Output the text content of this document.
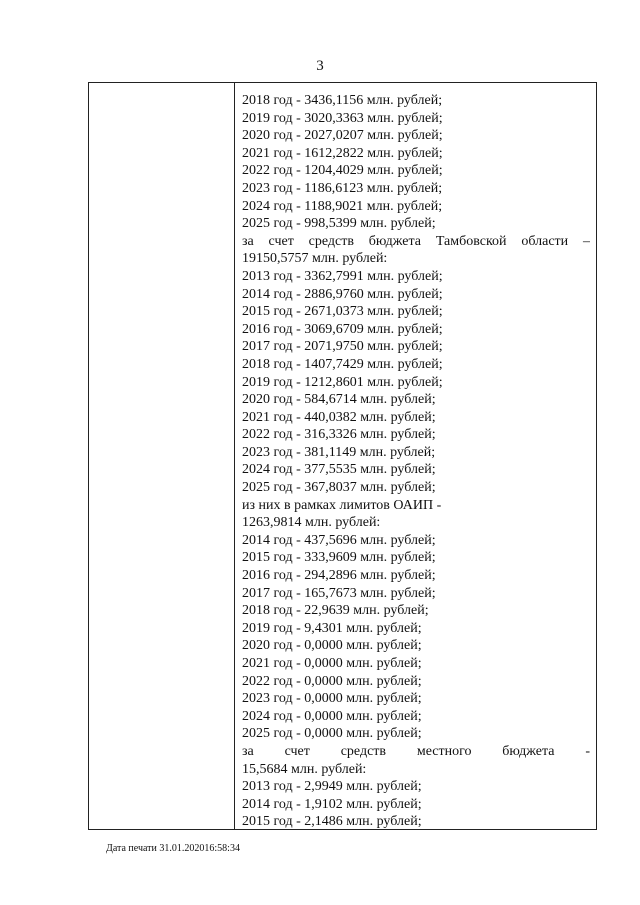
3
2018 год - 3436,1156 млн. рублей;
2019 год - 3020,3363 млн. рублей;
2020 год - 2027,0207 млн. рублей;
2021 год - 1612,2822 млн. рублей;
2022 год - 1204,4029 млн. рублей;
2023 год - 1186,6123 млн. рублей;
2024 год - 1188,9021 млн. рублей;
2025 год - 998,5399 млн. рублей;
за счет средств бюджета Тамбовской области –
19150,5757 млн. рублей:
2013 год - 3362,7991 млн. рублей;
2014 год - 2886,9760 млн. рублей;
2015 год - 2671,0373 млн. рублей;
2016 год - 3069,6709 млн. рублей;
2017 год - 2071,9750 млн. рублей;
2018 год - 1407,7429 млн. рублей;
2019 год - 1212,8601 млн. рублей;
2020 год - 584,6714 млн. рублей;
2021 год - 440,0382 млн. рублей;
2022 год - 316,3326 млн. рублей;
2023 год - 381,1149 млн. рублей;
2024 год - 377,5535 млн. рублей;
2025 год - 367,8037 млн. рублей;
из них в рамках лимитов ОАИП -
1263,9814 млн. рублей:
2014 год - 437,5696 млн. рублей;
2015 год - 333,9609 млн. рублей;
2016 год - 294,2896 млн. рублей;
2017 год - 165,7673 млн. рублей;
2018 год - 22,9639 млн. рублей;
2019 год - 9,4301 млн. рублей;
2020 год - 0,0000 млн. рублей;
2021 год - 0,0000 млн. рублей;
2022 год - 0,0000 млн. рублей;
2023 год - 0,0000 млн. рублей;
2024 год - 0,0000 млн. рублей;
2025 год - 0,0000 млн. рублей;
за счет средств местного бюджета -
15,5684 млн. рублей:
2013 год - 2,9949 млн. рублей;
2014 год - 1,9102 млн. рублей;
2015 год - 2,1486 млн. рублей;
Дата печати 31.01.202016:58:34
